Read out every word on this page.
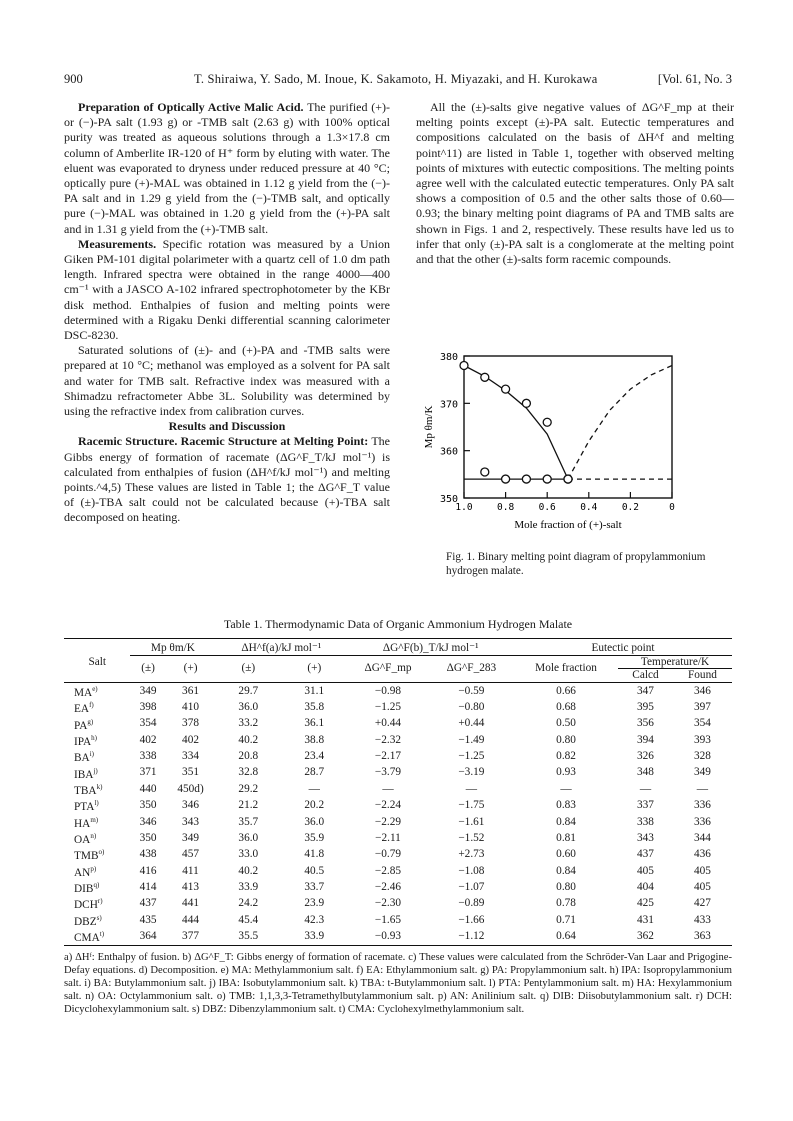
900	T. Shiraiwa, Y. Sado, M. Inoue, K. Sakamoto, H. Miyazaki, and H. Kurokawa	[Vol. 61, No. 3

Preparation of Optically Active Malic Acid. The purified (+)- or (−)-PA salt (1.93 g) or -TMB salt (2.63 g) with 100% optical purity was treated as aqueous solutions through a 1.3×17.8 cm column of Amberlite IR-120 of H⁺ form by eluting with water. The eluent was evaporated to dryness under reduced pressure at 40 °C; optically pure (+)-MAL was obtained in 1.12 g yield from the (−)-PA salt and in 1.29 g yield from the (−)-TMB salt, and optically pure (−)-MAL was obtained in 1.20 g yield from the (+)-PA salt and in 1.31 g yield from the (+)-TMB salt.

Measurements. Specific rotation was measured by a Union Giken PM-101 digital polarimeter with a quartz cell of 1.0 dm path length. Infrared spectra were obtained in the range 4000—400 cm⁻¹ with a JASCO A-102 infrared spectrophotometer by the KBr disk method. Enthalpies of fusion and melting points were determined with a Rigaku Denki differential scanning calorimeter DSC-8230.

Saturated solutions of (±)- and (+)-PA and -TMB salts were prepared at 10 °C; methanol was employed as a solvent for PA salt and water for TMB salt. Refractive index was measured with a Shimadzu refractometer Abbe 3L. Solubility was determined by using the refractive index from calibration curves.

Results and Discussion

Racemic Structure. Racemic Structure at Melting Point: The Gibbs energy of formation of racemate (ΔG^F_T/kJ mol⁻¹) is calculated from enthalpies of fusion (ΔH^f/kJ mol⁻¹) and melting points.^4,5) These values are listed in Table 1; the ΔG^F_T value of (±)-TBA salt could not be calculated because (+)-TBA salt decomposed on heating.

All the (±)-salts give negative values of ΔG^F_mp at their melting points except (±)-PA salt. Eutectic temperatures and compositions calculated on the basis of ΔH^f and melting point^11) are listed in Table 1, together with observed melting points of mixtures with eutectic compositions. The melting points agree well with the calculated eutectic temperatures. Only PA salt shows a composition of 0.5 and the other salts those of 0.60—0.93; the binary melting point diagrams of PA and TMB salts are shown in Figs. 1 and 2, respectively. These results have led us to infer that only (±)-PA salt is a conglomerate at the melting point and that the other (±)-salts form racemic compounds.

350
360
370
380
1.0	0.8	0.6	0.4	0.2	0
Mp θm/K
Mole fraction of (+)-salt
Fig. 1. Binary melting point diagram of propylammonium hydrogen malate.
Table 1. Thermodynamic Data of Organic Ammonium Hydrogen Malate
Salt	Mp θm/K		ΔH^f(a)/kJ mol⁻¹		ΔG^F(b)_T/kJ mol⁻¹		Eutectic point		
	(±)	(+)	(±)	(+)	ΔG^F_mp	ΔG^F_283	Mole fraction	Temperature/K	
								Calcd	Found
MA$^{e)}$	349	361	29.7	31.1	−0.98	−0.59	0.66	347	346
EA$^{f)}$	398	410	36.0	35.8	−1.25	−0.80	0.68	395	397
PA$^{g)}$	354	378	33.2	36.1	+0.44	+0.44	0.50	356	354
IPA$^{h)}$	402	402	40.2	38.8	−2.32	−1.49	0.80	394	393
BA$^{i)}$	338	334	20.8	23.4	−2.17	−1.25	0.82	326	328
IBA$^{j)}$	371	351	32.8	28.7	−3.79	−3.19	0.93	348	349
TBA$^{k)}$	440	450d)	29.2	—	—	—	—	—	—
PTA$^{l)}$	350	346	21.2	20.2	−2.24	−1.75	0.83	337	336
HA$^{m)}$	346	343	35.7	36.0	−2.29	−1.61	0.84	338	336
OA$^{n)}$	350	349	36.0	35.9	−2.11	−1.52	0.81	343	344
TMB$^{o)}$	438	457	33.0	41.8	−0.79	+2.73	0.60	437	436
AN$^{p)}$	416	411	40.2	40.5	−2.85	−1.08	0.84	405	405
DIB$^{q)}$	414	413	33.9	33.7	−2.46	−1.07	0.80	404	405
DCH$^{r)}$	437	441	24.2	23.9	−2.30	−0.89	0.78	425	427
DBZ$^{s)}$	435	444	45.4	42.3	−1.65	−1.66	0.71	431	433
CMA$^{t)}$	364	377	35.5	33.9	−0.93	−1.12	0.64	362	363
a) ΔHᶠ: Enthalpy of fusion. b) ΔG^F_T: Gibbs energy of formation of racemate. c) These values were calculated from the Schröder-Van Laar and Prigogine-Defay equations. d) Decomposition. e) MA: Methylammonium salt. f) EA: Ethylammonium salt. g) PA: Propylammonium salt. h) IPA: Isopropylammonium salt. i) BA: Butylammonium salt. j) IBA: Isobutylammonium salt. k) TBA: t-Butylammonium salt. l) PTA: Pentylammonium salt. m) HA: Hexylammonium salt. n) OA: Octylammonium salt. o) TMB: 1,1,3,3-Tetramethylbutylammonium salt. p) AN: Anilinium salt. q) DIB: Diisobutylammonium salt. r) DCH: Dicyclohexylammonium salt. s) DBZ: Dibenzylammonium salt. t) CMA: Cyclohexylmethylammonium salt.
